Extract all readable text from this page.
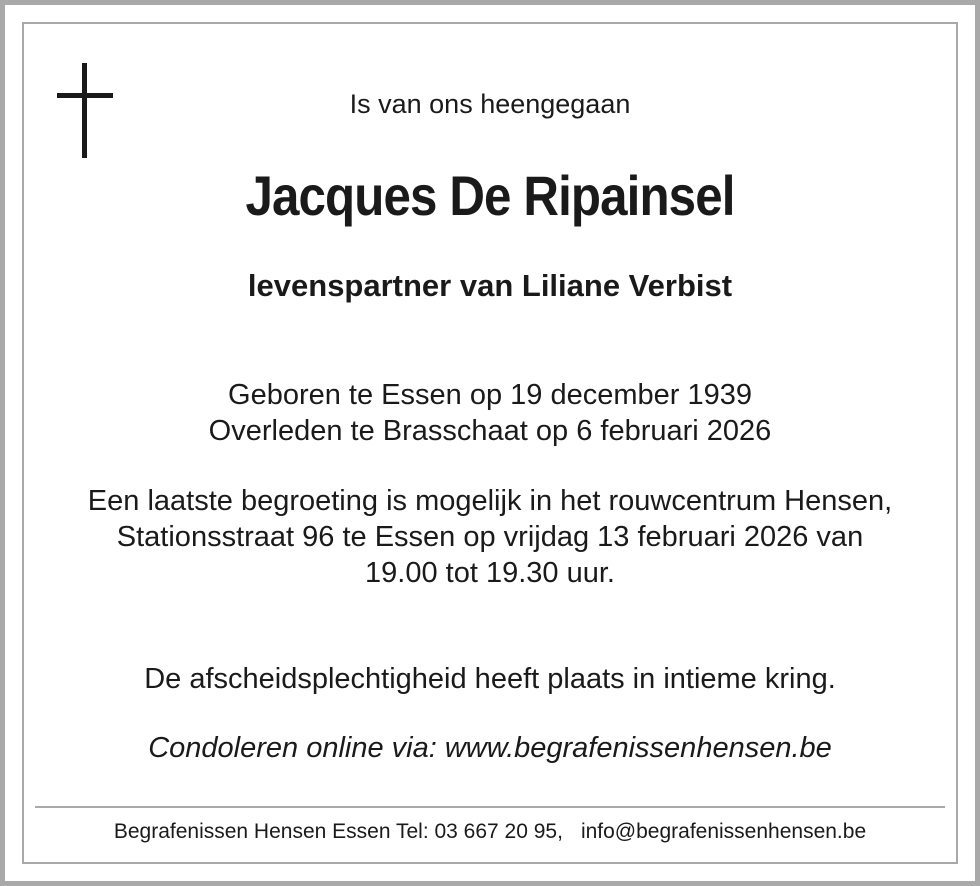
Is van ons heengegaan
Jacques De Ripainsel
levenspartner van Liliane Verbist
Geboren te Essen op 19 december 1939
Overleden te Brasschaat op 6 februari 2026
Een laatste begroeting is mogelijk in het rouwcentrum Hensen,
Stationsstraat 96 te Essen op vrijdag 13 februari 2026 van
19.00 tot 19.30 uur.
De afscheidsplechtigheid heeft plaats in intieme kring.
Condoleren online via: www.begrafenissenhensen.be
Begrafenissen Hensen Essen Tel: 03 667 20 95, info@begrafenissenhensen.be
